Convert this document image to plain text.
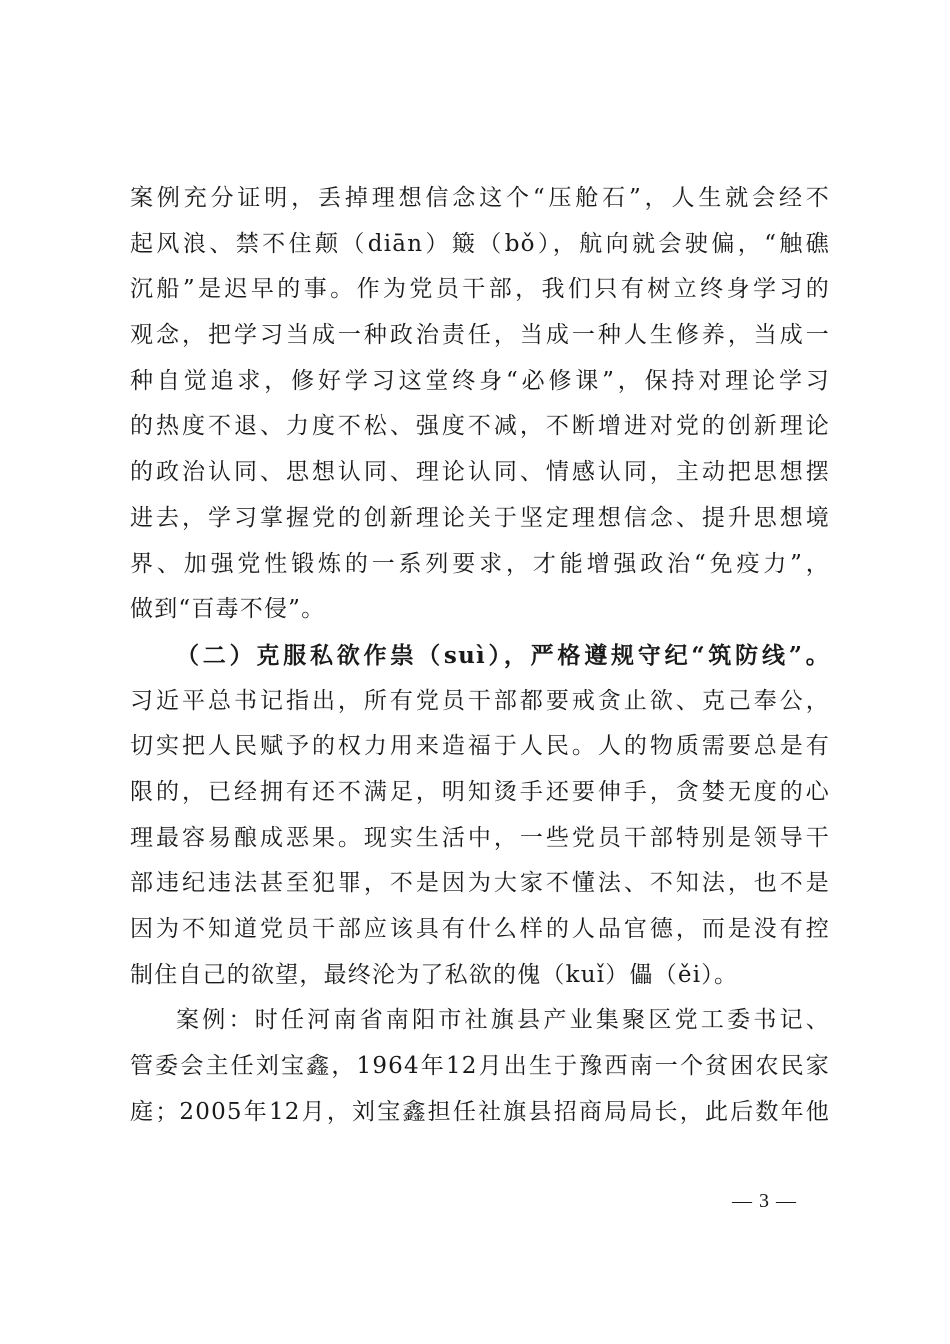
案例充分证明，丢掉理想信念这个“压舱石”，人生就会经不
起风浪、禁不住颠（diān）簸（bǒ），航向就会驶偏，“触礁
沉船”是迟早的事。作为党员干部，我们只有树立终身学习的
观念，把学习当成一种政治责任，当成一种人生修养，当成一
种自觉追求，修好学习这堂终身“必修课”，保持对理论学习
的热度不退、力度不松、强度不减，不断增进对党的创新理论
的政治认同、思想认同、理论认同、情感认同，主动把思想摆
进去，学习掌握党的创新理论关于坚定理想信念、提升思想境
界、加强党性锻炼的一系列要求，才能增强政治“免疫力”，
做到“百毒不侵”。
（二）克服私欲作祟（suì），严格遵规守纪“筑防线”。
习近平总书记指出，所有党员干部都要戒贪止欲、克己奉公，
切实把人民赋予的权力用来造福于人民。人的物质需要总是有
限的，已经拥有还不满足，明知烫手还要伸手，贪婪无度的心
理最容易酿成恶果。现实生活中，一些党员干部特别是领导干
部违纪违法甚至犯罪，不是因为大家不懂法、不知法，也不是
因为不知道党员干部应该具有什么样的人品官德，而是没有控
制住自己的欲望，最终沦为了私欲的傀（kuǐ）儡（ěi）。
案例：时任河南省南阳市社旗县产业集聚区党工委书记、
管委会主任刘宝鑫，1964年12月出生于豫西南一个贫困农民家
庭；2005年12月，刘宝鑫担任社旗县招商局局长，此后数年他
— 3 —
